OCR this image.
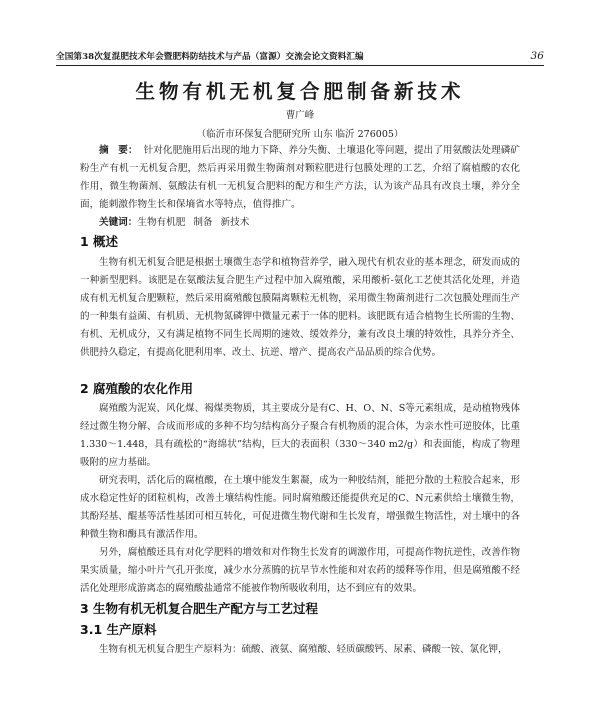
全国第38次复混肥技术年会暨肥料防结技术与产品（富源）交流会论文资料汇编	36
生物有机无机复合肥制备新技术
曹广峰
（临沂市环保复合肥研究所 山东 临沂 276005）
摘　要： 针对化肥施用后出现的地力下降、养分失衡、土壤退化等问题，提出了用氨酸法处理磷矿粉生产有机一无机复合肥，然后再采用微生物菌剂对颗粒肥进行包膜处理的工艺，介绍了腐植酸的农化作用，微生物菌剂、氨酸法有机一无机复合肥料的配方和生产方法，认为该产品具有改良土壤，养分全面，能刺激作物生长和保墒省水等特点，值得推广。
关键词：生物有机肥 制备 新技术
1 概述

生物有机无机复合肥是根据土壤微生态学和植物营养学，融入现代有机农业的基本理念，研发而成的一种新型肥料。该肥是在氨酸法复合肥生产过程中加入腐殖酸，采用酸析-氨化工艺使其活化处理，并造成有机无机复合肥颗粒，然后采用腐殖酸包膜隔离颗粒无机物，采用微生物菌剂进行二次包膜处理而生产的一种集有益菌、有机质、无机物氮磷钾中微量元素于一体的肥料。该肥既有适合植物生长所需的生物、有机、无机成分，又有满足植物不同生长周期的速效、缓效养分，兼有改良土壤的特效性，具养分齐全、供肥持久稳定，有提高化肥利用率、改土、抗逆、增产、提高农产品品质的综合优势。

2 腐殖酸的农化作用

腐殖酸为泥炭、风化煤、褐煤类物质，其主要成分是有C、H、O、N、S等元素组成，是动植物残体经过微生物分解、合成而形成的多种不均匀结构高分子聚合有机物质的混合体，为亲水性可逆胶体，比重1.330～1.448，具有疏松的“海绵状”结构，巨大的表面积（330～340 m2/g）和表面能，构成了物理吸附的应力基础。

研究表明，活化后的腐植酸，在土壤中能发生絮凝，成为一种胶结剂，能把分散的土粒胶合起来，形成水稳定性好的团粒机构，改善土壤结构性能。同时腐殖酸还能提供充足的C、N元素供给土壤微生物，其酚羟基、醌基等活性基团可相互转化，可促进微生物代谢和生长发育，增强微生物活性，对土壤中的各种微生物和酶具有激活作用。

另外，腐植酸还具有对化学肥料的增效和对作物生长发育的调激作用，可提高作物抗逆性，改善作物果实质量，缩小叶片气孔开张度，减少水分蒸腾的抗旱节水性能和对农药的缓释等作用，但是腐殖酸不经活化处理形成游离态的腐殖酸盐通常不能被作物所吸收利用，达不到应有的效果。

3 生物有机无机复合肥生产配方与工艺过程
3.1 生产原料

生物有机无机复合肥生产原料为：硫酸、液氨、腐殖酸、轻质碳酸钙、尿素、磷酸一铵、氯化钾，
